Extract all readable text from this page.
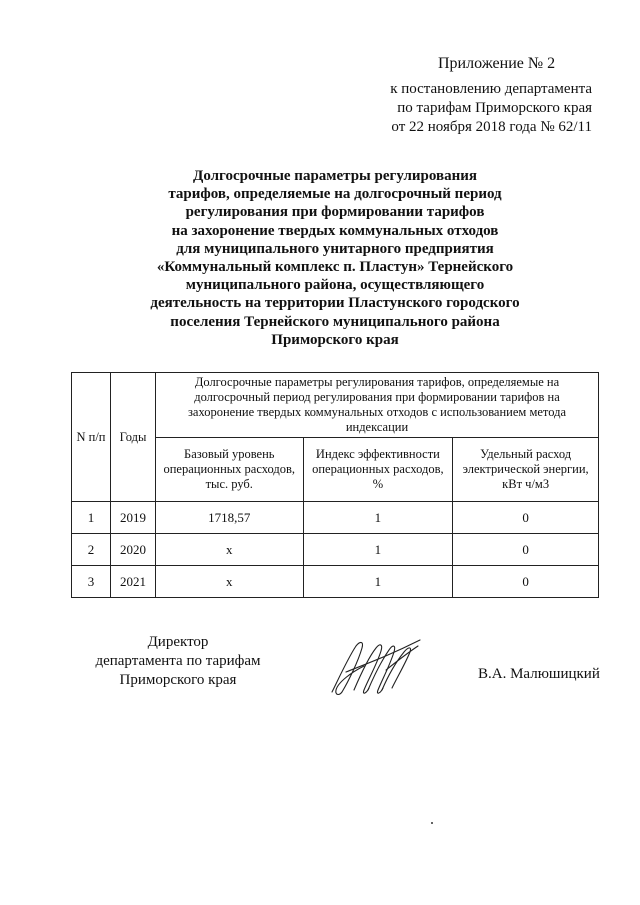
Приложение № 2
к постановлению департамента
по тарифам Приморского края
от 22 ноября 2018 года № 62/11
Долгосрочные параметры регулирования
тарифов, определяемые на долгосрочный период
регулирования при формировании тарифов
на захоронение твердых коммунальных отходов
для муниципального унитарного предприятия
«Коммунальный комплекс п. Пластун» Тернейского
муниципального района, осуществляющего
деятельность на территории Пластунского городского
поселения Тернейского муниципального района
Приморского края
N п/п	Годы	Долгосрочные параметры регулирования тарифов, определяемые на долгосрочный период регулирования при формировании тарифов на захоронение твердых коммунальных отходов с использованием метода индексации		
		Базовый уровень операционных расходов, тыс. руб.	Индекс эффективности операционных расходов, %	Удельный расход электрической энергии, кВт ч/м3
1	2019	1718,57	1	0
2	2020	х	1	0
3	2021	х	1	0
Директор
департамента по тарифам
Приморского края	В.А. Малюшицкий
